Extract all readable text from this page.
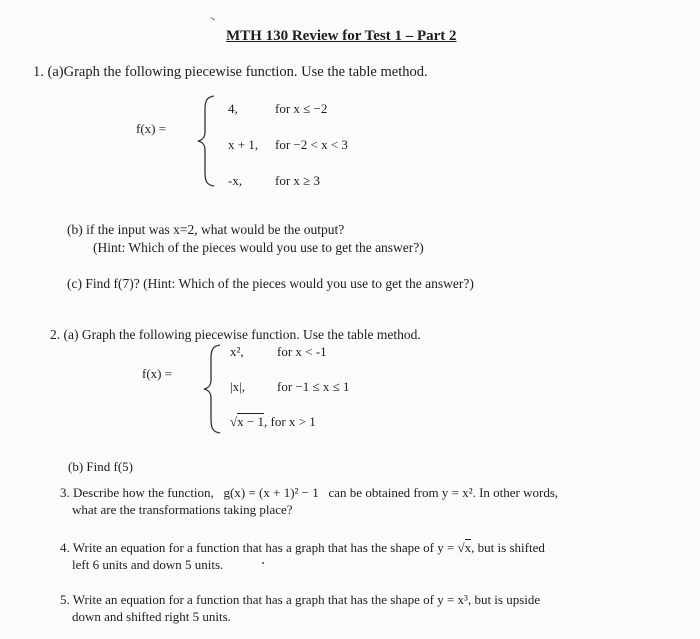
MTH 130 Review for Test 1 – Part 2
1. (a)Graph the following piecewise function. Use the table method.
f(x) =
4,	for x ≤ −2
x + 1, for −2 < x < 3
-x,	for x ≥ 3
(b) if the input was x=2, what would be the output?
(Hint: Which of the pieces would you use to get the answer?)
(c) Find f(7)? (Hint: Which of the pieces would you use to get the answer?)
2. (a) Graph the following piecewise function. Use the table method.
f(x) =
x²,	for x < -1
|x|, for −1 ≤ x ≤ 1
√x − 1, for x > 1
(b) Find f(5)
3. Describe how the function, g(x) = (x + 1)² − 1 can be obtained from y = x². In other words,
what are the transformations taking place?
4. Write an equation for a function that has a graph that has the shape of y = √x, but is shifted
left 6 units and down 5 units.
5. Write an equation for a function that has a graph that has the shape of y = x³, but is upside
down and shifted right 5 units.
